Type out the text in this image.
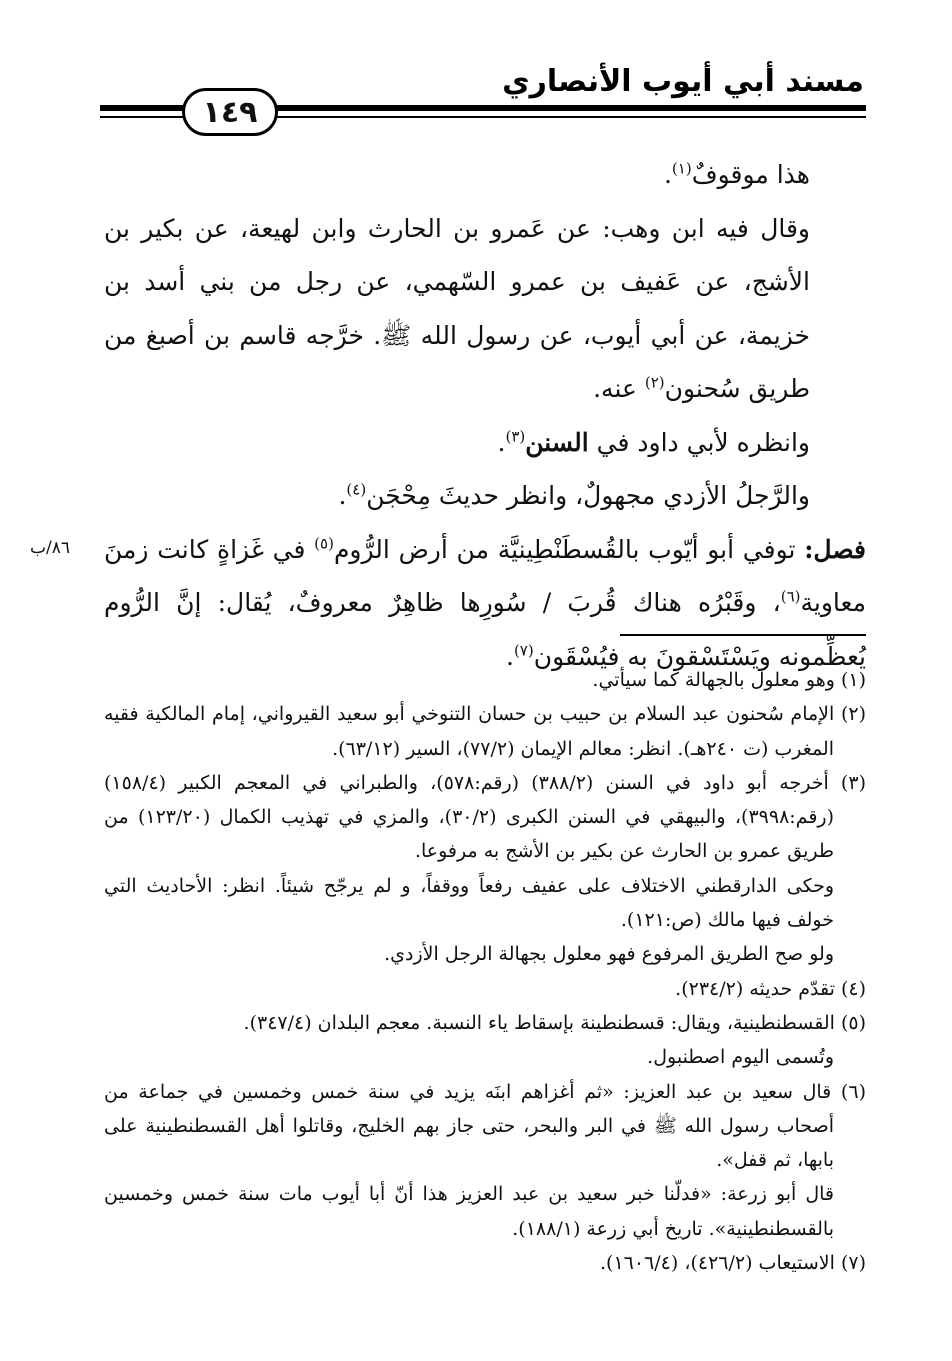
مسند أبي أيوب الأنصاري
١٤٩

هذا موقوفٌ$^{(١)}$.

وقال فيه ابن وهب: عن عَمرو بن الحارث وابن لهيعة، عن بكير بن الأشج، عن عَفيف بن عمرو السّهمي، عن رجل من بني أسد بن خزيمة، عن أبي أيوب، عن رسول الله ﷺ. خرَّجه قاسم بن أصبغ من طريق سُحنون$^{(٢)}$ عنه.

وانظره لأبي داود في السنن$^{(٣)}$.

والرَّجلُ الأزدي مجهولٌ، وانظر حديثَ مِحْجَن$^{(٤)}$.

فصل: توفي أبو أيّوب بالقُسطَنْطِينيَّة من أرض الرُّوم$^{(٥)}$ في غَزاةٍ كانت زمنَ معاوية$^{(٦)}$، وقَبْرُه هناك قُربَ / سُورِها ظاهِرٌ معروفٌ، يُقال: إنَّ الرُّوم يُعظِّمونه ويَسْتَسْقونَ به فيُسْقَون$^{(٧)}$.

٨٦/ب

(١) وهو معلول بالجهالة كما سيأتي.

(٢) الإمام سُحنون عبد السلام بن حبيب بن حسان التنوخي أبو سعيد القيرواني، إمام المالكية فقيه المغرب (ت ٢٤٠هـ). انظر: معالم الإيمان (٧٧/٢)، السير (٦٣/١٢).

(٣) أخرجه أبو داود في السنن (٣٨٨/٢) (رقم:٥٧٨)، والطبراني في المعجم الكبير (١٥٨/٤) (رقم:٣٩٩٨)، والبيهقي في السنن الكبرى (٣٠/٢)، والمزي في تهذيب الكمال (١٢٣/٢٠) من طريق عمرو بن الحارث عن بكير بن الأشج به مرفوعا.

وحكى الدارقطني الاختلاف على عفيف رفعاً ووقفاً، و لم يرجّح شيئاً. انظر: الأحاديث التي خولف فيها مالك (ص:١٢١).

ولو صح الطريق المرفوع فهو معلول بجهالة الرجل الأزدي.

(٤) تقدّم حديثه (٢٣٤/٢).

(٥) القسطنطينية، ويقال: قسطنطينة بإسقاط ياء النسبة. معجم البلدان (٣٤٧/٤).

وتُسمى اليوم اصطنبول.

(٦) قال سعيد بن عبد العزيز: «ثم أغزاهم ابنَه يزيد في سنة خمس وخمسين في جماعة من أصحاب رسول الله ﷺ في البر والبحر، حتى جاز بهم الخليج، وقاتلوا أهل القسطنطينية على بابها، ثم قفل».

قال أبو زرعة: «فدلّنا خبر سعيد بن عبد العزيز هذا أنّ أبا أيوب مات سنة خمس وخمسين بالقسطنطينية». تاريخ أبي زرعة (١٨٨/١).

(٧) الاستيعاب (٤٢٦/٢)، (١٦٠٦/٤).
